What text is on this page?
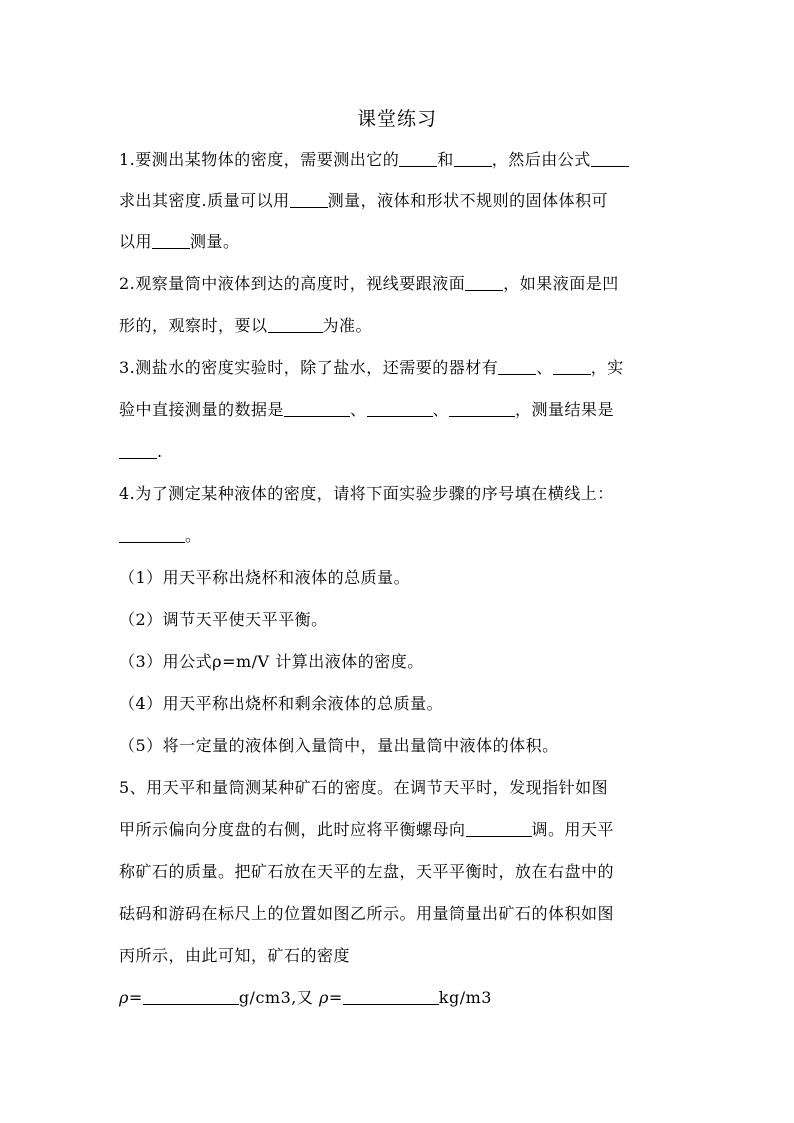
课堂练习
1.要测出某物体的密度，需要测出它的 和 ，然后由公式
求出其密度.质量可以用 测量，液体和形状不规则的固体体积可
以用 测量。
2.观察量筒中液体到达的高度时，视线要跟液面 ，如果液面是凹
形的，观察时，要以	为准。
3.测盐水的密度实验时，除了盐水，还需要的器材有 、 ，实
验中直接测量的数据是	、	、	，测量结果是
.
4.为了测定某种液体的密度，请将下面实验步骤的序号填在横线上：
。
（1）用天平称出烧杯和液体的总质量。
（2）调节天平使天平平衡。
（3）用公式ρ=m/V 计算出液体的密度。
（4）用天平称出烧杯和剩余液体的总质量。
（5）将一定量的液体倒入量筒中，量出量筒中液体的体积。
5、用天平和量筒测某种矿石的密度。在调节天平时，发现指针如图
甲所示偏向分度盘的右侧，此时应将平衡螺母向	调。用天平
称矿石的质量。把矿石放在天平的左盘，天平平衡时，放在右盘中的
砝码和游码在标尺上的位置如图乙所示。用量筒量出矿石的体积如图
丙所示，由此可知，矿石的密度
ρ=	g/cm3,又 ρ=	kg/m3
